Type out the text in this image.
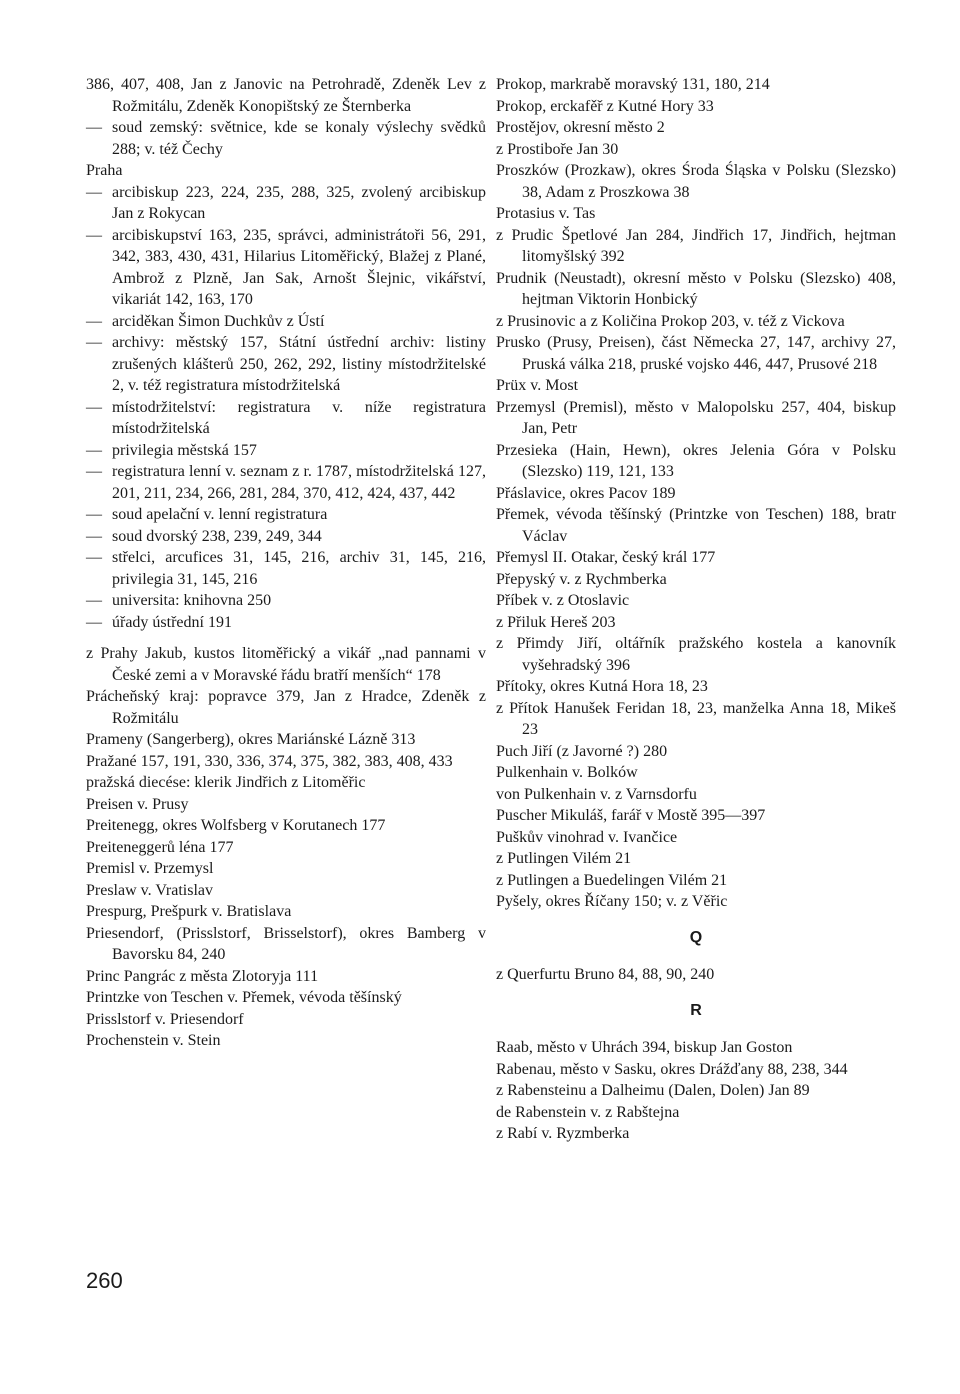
386, 407, 408, Jan z Janovic na Petrohradě, Zdeněk Lev z Rožmitálu, Zdeněk Konopištský ze Šternberka

— soud zemský: světnice, kde se konaly výslechy svědků 288; v. též Čechy

Praha

— arcibiskup 223, 224, 235, 288, 325, zvolený arcibiskup Jan z Rokycan

— arcibiskupství 163, 235, správci, administrátoři 56, 291, 342, 383, 430, 431, Hilarius Litoměřický, Blažej z Plané, Ambrož z Plzně, Jan Sak, Arnošt Šlejnic, vikářství, vikariát 142, 163, 170

— arciděkan Šimon Duchkův z Ústí

— archivy: městský 157, Státní ústřední archiv: listiny zrušených klášterů 250, 262, 292, listiny místodržitelské 2, v. též registratura místodržitelská

— místodržitelství: registratura v. níže registratura místodržitelská

— privilegia městská 157

— registratura lenní v. seznam z r. 1787, místodržitelská 127, 201, 211, 234, 266, 281, 284, 370, 412, 424, 437, 442

— soud apelační v. lenní registratura

— soud dvorský 238, 239, 249, 344

— střelci, arcufices 31, 145, 216, archiv 31, 145, 216, privilegia 31, 145, 216

— universita: knihovna 250

— úřady ústřední 191

z Prahy Jakub, kustos litoměřický a vikář „nad pannami v České zemi a v Moravské řádu bratří menších“ 178

Prácheňský kraj: popravce 379, Jan z Hradce, Zdeněk z Rožmitálu

Prameny (Sangerberg), okres Mariánské Lázně 313

Pražané 157, 191, 330, 336, 374, 375, 382, 383, 408, 433

pražská diecése: klerik Jindřich z Litoměřic

Preisen v. Prusy

Preitenegg, okres Wolfsberg v Korutanech 177

Preiteneggerů léna 177

Premisl v. Przemysl

Preslaw v. Vratislav

Prespurg, Prešpurk v. Bratislava

Priesendorf, (Prisslstorf, Brisselstorf), okres Bamberg v Bavorsku 84, 240

Princ Pangrác z města Zlotoryja 111

Printzke von Teschen v. Přemek, vévoda těšínský

Prisslstorf v. Priesendorf

Prochenstein v. Stein

Prokop, markrabě moravský 131, 180, 214

Prokop, erckafěř z Kutné Hory 33

Prostějov, okresní město 2

z Prostiboře Jan 30

Proszków (Prozkaw), okres Środa Śląska v Polsku (Slezsko) 38, Adam z Proszkowa 38

Protasius v. Tas

z Prudic Špetlové Jan 284, Jindřich 17, Jindřich, hejtman litomyšlský 392

Prudnik (Neustadt), okresní město v Polsku (Slezsko) 408, hejtman Viktorin Honbický

z Prusinovic a z Količina Prokop 203, v. též z Vickova

Prusko (Prusy, Preisen), část Německa 27, 147, archivy 27, Pruská válka 218, pruské vojsko 446, 447, Prusové 218

Prüx v. Most

Przemysl (Premisl), město v Malopolsku 257, 404, biskup Jan, Petr

Przesieka (Hain, Hewn), okres Jelenia Góra v Polsku (Slezsko) 119, 121, 133

Přáslavice, okres Pacov 189

Přemek, vévoda těšínský (Printzke von Teschen) 188, bratr Václav

Přemysl II. Otakar, český král 177

Přepyský v. z Rychmberka

Příbek v. z Otoslavic

z Přiluk Hereš 203

z Přimdy Jiří, oltářník pražského kostela a kanovník vyšehradský 396

Přítoky, okres Kutná Hora 18, 23

z Přítok Hanušek Feridan 18, 23, manželka Anna 18, Mikeš 23

Puch Jiří (z Javorné ?) 280

Pulkenhain v. Bolków

von Pulkenhain v. z Varnsdorfu

Puscher Mikuláš, farář v Mostě 395—397

Puškův vinohrad v. Ivančice

z Putlingen Vilém 21

z Putlingen a Buedelingen Vilém 21

Pyšely, okres Říčany 150; v. z Věřic

Q

z Querfurtu Bruno 84, 88, 90, 240

R

Raab, město v Uhrách 394, biskup Jan Goston

Rabenau, město v Sasku, okres Drážďany 88, 238, 344

z Rabensteinu a Dalheimu (Dalen, Dolen) Jan 89

de Rabenstein v. z Rabštejna

z Rabí v. Ryzmberka

260
